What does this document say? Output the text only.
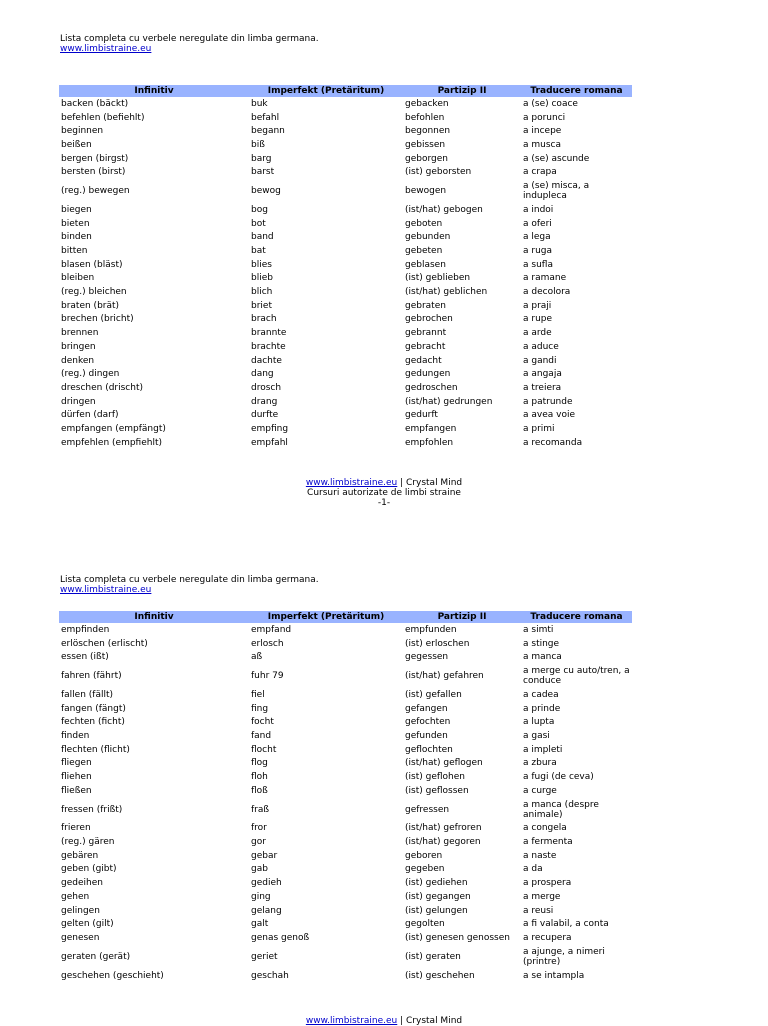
Lista completa cu verbele neregulate din limba germana.
www.limbistraine.eu
Infinitiv	Imperfekt (Pretäritum)	Partizip II	Traducere romana
backen (bäckt)	buk	gebacken	a (se) coace
befehlen (befiehlt)	befahl	befohlen	a porunci
beginnen	begann	begonnen	a incepe
beißen	biß	gebissen	a musca
bergen (birgst)	barg	geborgen	a (se) ascunde
bersten (birst)	barst	(ist) geborsten	a crapa
(reg.) bewegen	bewog	bewogen	a (se) misca, a indupleca
biegen	bog	(ist/hat) gebogen	a indoi
bieten	bot	geboten	a oferi
binden	band	gebunden	a lega
bitten	bat	gebeten	a ruga
blasen (bläst)	blies	geblasen	a sufla
bleiben	blieb	(ist) geblieben	a ramane
(reg.) bleichen	blich	(ist/hat) geblichen	a decolora
braten (brät)	briet	gebraten	a praji
brechen (bricht)	brach	gebrochen	a rupe
brennen	brannte	gebrannt	a arde
bringen	brachte	gebracht	a aduce
denken	dachte	gedacht	a gandi
(reg.) dingen	dang	gedungen	a angaja
dreschen (drischt)	drosch	gedroschen	a treiera
dringen	drang	(ist/hat) gedrungen	a patrunde
dürfen (darf)	durfte	gedurft	a avea voie
empfangen (empfängt)	empfing	empfangen	a primi
empfehlen (empfiehlt)	empfahl	empfohlen	a recomanda
www.limbistraine.eu | Crystal Mind
Cursuri autorizate de limbi straine
-1-
Lista completa cu verbele neregulate din limba germana.
www.limbistraine.eu
Infinitiv	Imperfekt (Pretäritum)	Partizip II	Traducere romana
empfinden	empfand	empfunden	a simti
erlöschen (erlischt)	erlosch	(ist) erloschen	a stinge
essen (ißt)	aß	gegessen	a manca
fahren (fährt)	fuhr 79	(ist/hat) gefahren	a merge cu auto/tren, a conduce
fallen (fällt)	fiel	(ist) gefallen	a cadea
fangen (fängt)	fing	gefangen	a prinde
fechten (ficht)	focht	gefochten	a lupta
finden	fand	gefunden	a gasi
flechten (flicht)	flocht	geflochten	a impleti
fliegen	flog	(ist/hat) geflogen	a zbura
fliehen	floh	(ist) geflohen	a fugi (de ceva)
fließen	floß	(ist) geflossen	a curge
fressen (frißt)	fraß	gefressen	a manca (despre animale)
frieren	fror	(ist/hat) gefroren	a congela
(reg.) gären	gor	(ist/hat) gegoren	a fermenta
gebären	gebar	geboren	a naste
geben (gibt)	gab	gegeben	a da
gedeihen	gedieh	(ist) gediehen	a prospera
gehen	ging	(ist) gegangen	a merge
gelingen	gelang	(ist) gelungen	a reusi
gelten (gilt)	galt	gegolten	a fi valabil, a conta
genesen	genas genoß	(ist) genesen genossen	a recupera
geraten (gerät)	geriet	(ist) geraten	a ajunge, a nimeri (printre)
geschehen (geschieht)	geschah	(ist) geschehen	a se intampla
www.limbistraine.eu | Crystal Mind
